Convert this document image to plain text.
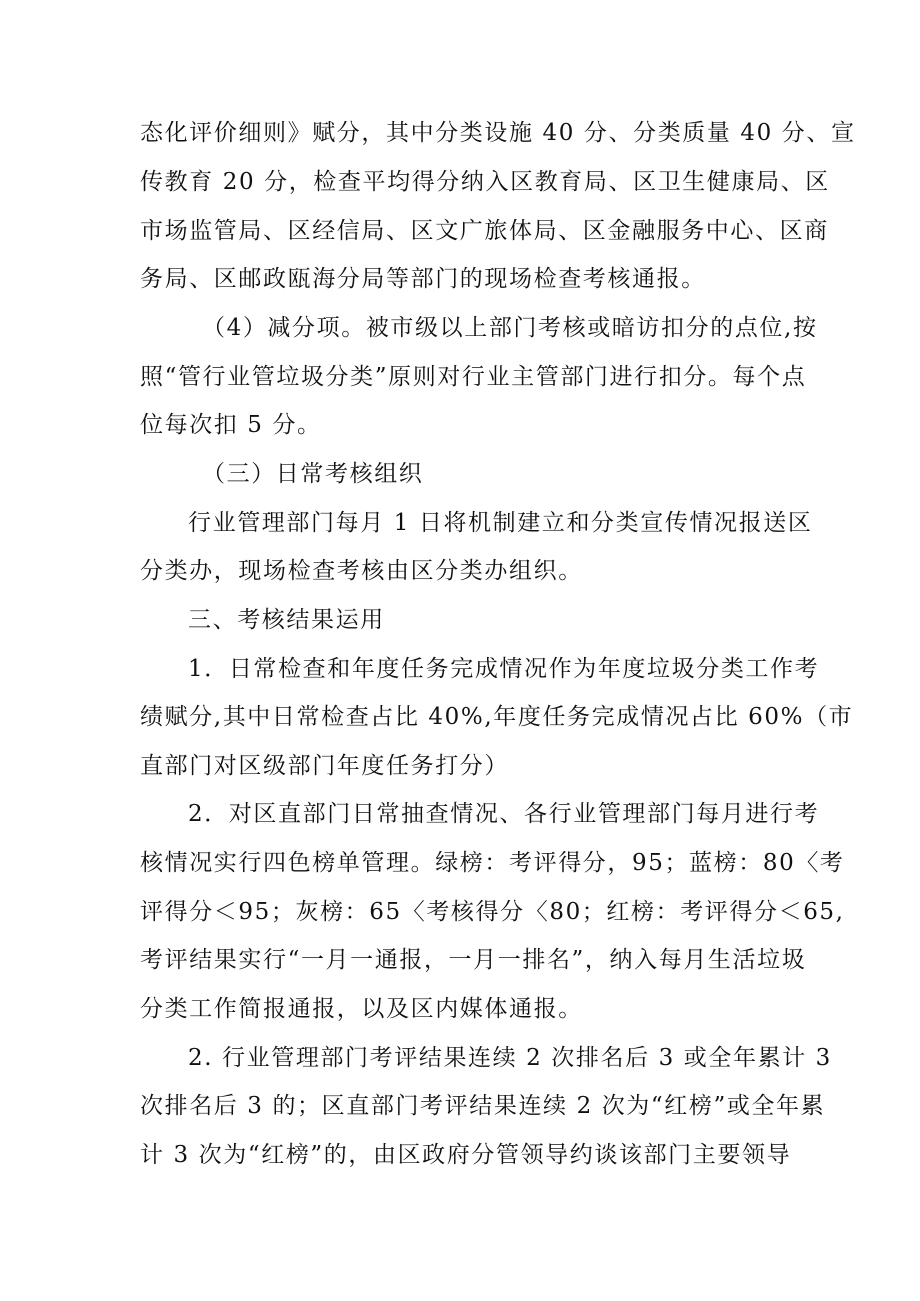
态化评价细则》赋分，其中分类设施 40 分、分类质量 40 分、宣
传教育 20 分，检查平均得分纳入区教育局、区卫生健康局、区
市场监管局、区经信局、区文广旅体局、区金融服务中心、区商
务局、区邮政瓯海分局等部门的现场检查考核通报。
（4）减分项。被市级以上部门考核或暗访扣分的点位,按
照“管行业管垃圾分类”原则对行业主管部门进行扣分。每个点
位每次扣 5 分。
（三）日常考核组织
行业管理部门每月 1 日将机制建立和分类宣传情况报送区
分类办，现场检查考核由区分类办组织。
三、考核结果运用
1．日常检查和年度任务完成情况作为年度垃圾分类工作考
绩赋分,其中日常检查占比 40%,年度任务完成情况占比 60%（市
直部门对区级部门年度任务打分）
2．对区直部门日常抽查情况、各行业管理部门每月进行考
核情况实行四色榜单管理。绿榜：考评得分，95；蓝榜：80〈考
评得分＜95；灰榜：65〈考核得分〈80；红榜：考评得分＜65,
考评结果实行“一月一通报，一月一排名”，纳入每月生活垃圾
分类工作简报通报，以及区内媒体通报。
2. 行业管理部门考评结果连续 2 次排名后 3 或全年累计 3
次排名后 3 的；区直部门考评结果连续 2 次为“红榜”或全年累
计 3 次为“红榜”的，由区政府分管领导约谈该部门主要领导
